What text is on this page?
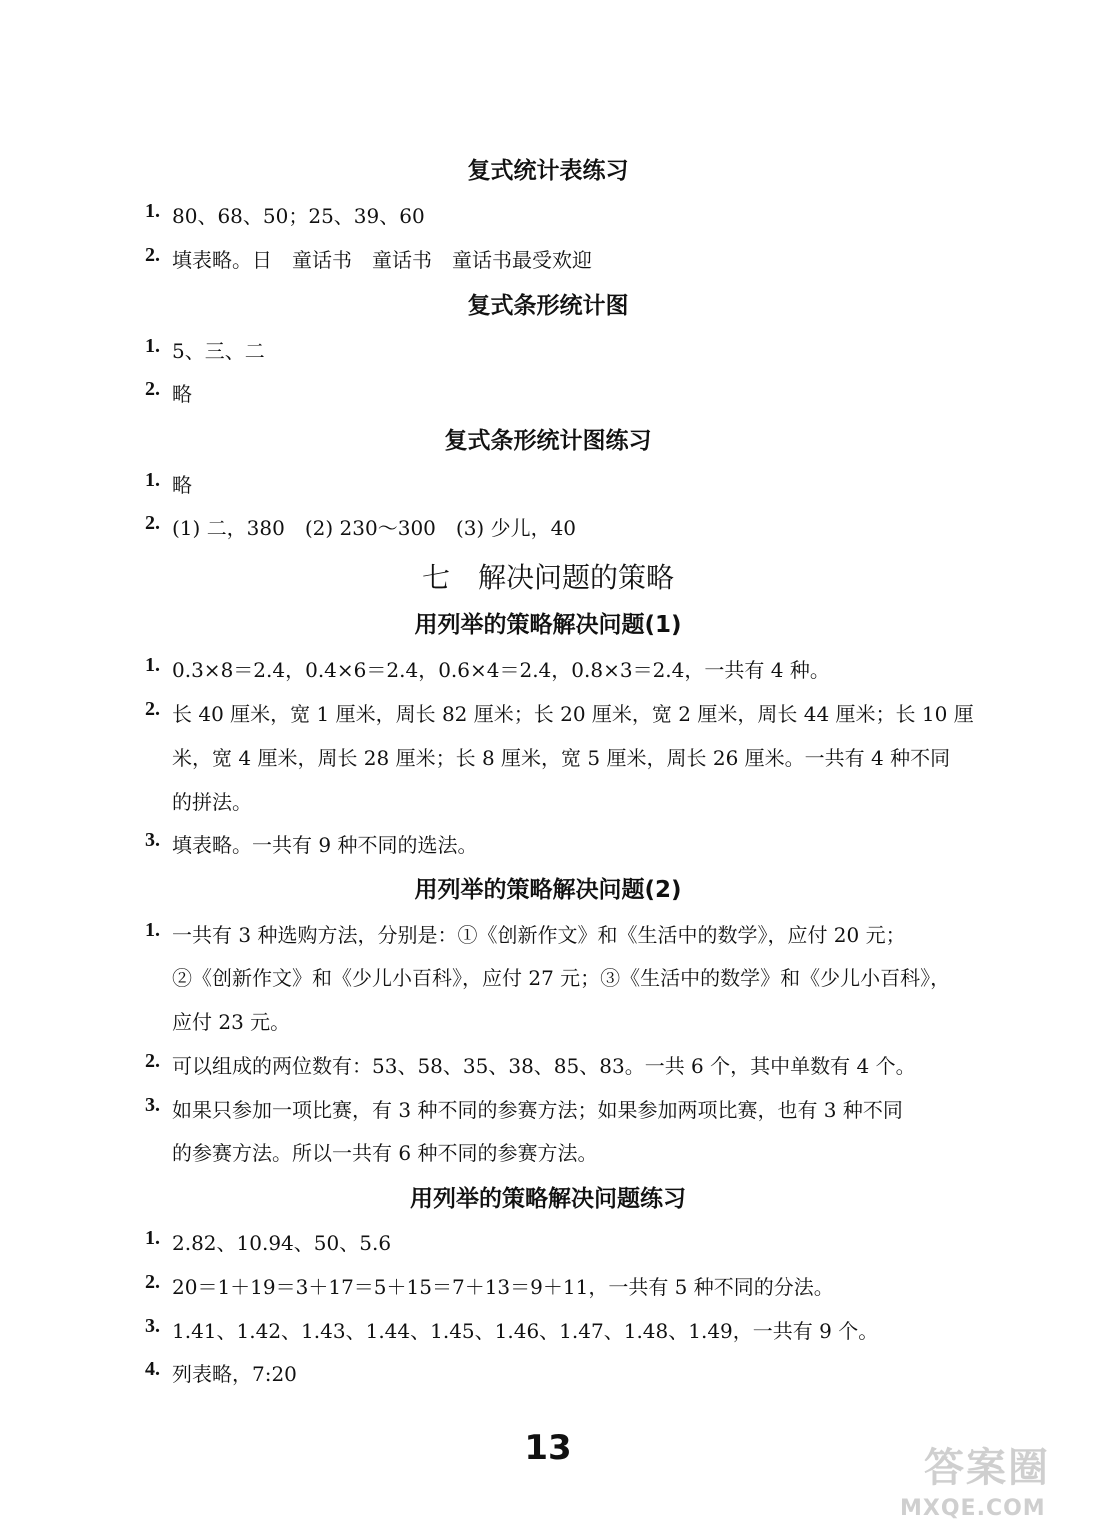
复式统计表练习
1. 80、68、50；25、39、60
2. 填表略。日　童话书　童话书　童话书最受欢迎
复式条形统计图
1. 5、三、二
2. 略
复式条形统计图练习
1. 略
2. (1) 二，380　(2) 230～300　(3) 少儿，40
七　解决问题的策略
用列举的策略解决问题(1)
1. 0.3×8＝2.4，0.4×6＝2.4，0.6×4＝2.4，0.8×3＝2.4，一共有 4 种。
2. 长 40 厘米，宽 1 厘米，周长 82 厘米；长 20 厘米，宽 2 厘米，周长 44 厘米；长 10 厘
米，宽 4 厘米，周长 28 厘米；长 8 厘米，宽 5 厘米，周长 26 厘米。一共有 4 种不同
的拼法。
3. 填表略。一共有 9 种不同的选法。
用列举的策略解决问题(2)
1. 一共有 3 种选购方法，分别是：①《创新作文》和《生活中的数学》，应付 20 元；
②《创新作文》和《少儿小百科》，应付 27 元；③《生活中的数学》和《少儿小百科》，
应付 23 元。
2. 可以组成的两位数有：53、58、35、38、85、83。一共 6 个，其中单数有 4 个。
3. 如果只参加一项比赛，有 3 种不同的参赛方法；如果参加两项比赛，也有 3 种不同
的参赛方法。所以一共有 6 种不同的参赛方法。
用列举的策略解决问题练习
1. 2.82、10.94、50、5.6
2. 20＝1＋19＝3＋17＝5＋15＝7＋13＝9＋11，一共有 5 种不同的分法。
3. 1.41、1.42、1.43、1.44、1.45、1.46、1.47、1.48、1.49，一共有 9 个。
4. 列表略，7:20
13	答案圈
MXQE.COM
